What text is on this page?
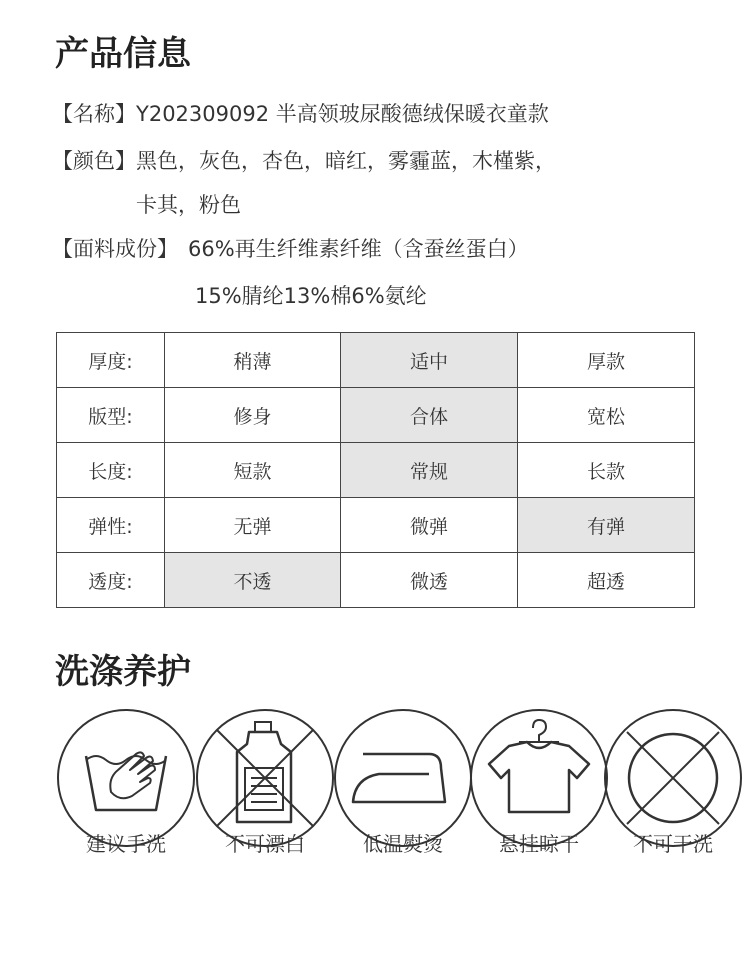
产品信息
【名称】Y202309092 半高领玻尿酸德绒保暖衣童款
【颜色】黑色，灰色，杏色，暗红，雾霾蓝，木槿紫，
卡其，粉色
【面料成份】 66%再生纤维素纤维（含蚕丝蛋白）
15%腈纶13%棉6%氨纶
厚度:	稍薄	适中	厚款
版型:	修身	合体	宽松
长度:	短款	常规	长款
弹性:	无弹	微弹	有弹
透度:	不透	微透	超透
洗涤养护
建议手洗	不可漂白	低温熨烫	悬挂晾干	不可干洗
